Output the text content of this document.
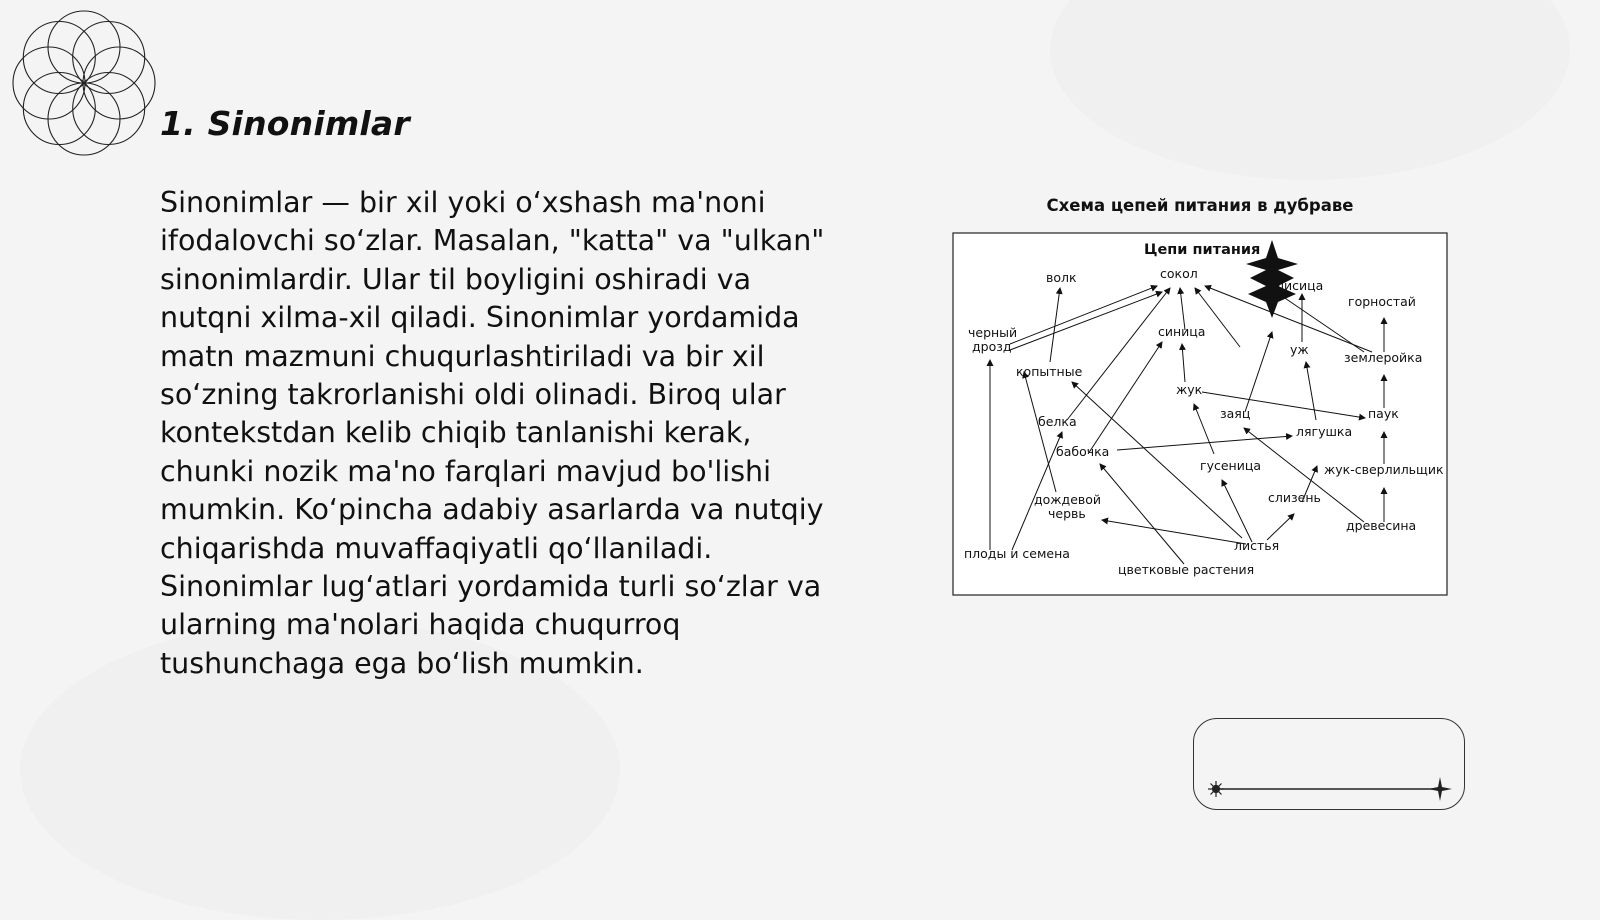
1. Sinonimlar

Sinonimlar — bir xil yoki o‘xshash ma'noni ifodalovchi so‘zlar. Masalan, "katta" va "ulkan" sinonimlardir. Ular til boyligini oshiradi va nutqni xilma-xil qiladi. Sinonimlar yordamida matn mazmuni chuqurlashtiriladi va bir xil so‘zning takrorlanishi oldi olinadi. Biroq ular kontekstdan kelib chiqib tanlanishi kerak, chunki nozik ma'no farqlari mavjud bo'lishi mumkin. Ko‘pincha adabiy asarlarda va nutqiy chiqarishda muvaffaqiyatli qo‘llaniladi. Sinonimlar lug‘atlari yordamida turli so‘zlar va ularning ma'nolari haqida chuqurroq tushunchaga ega bo‘lish mumkin.

Схема цепей питания в дубраве
Цепи питания
волк	сокол
лисица
горностай
черный
дрозд
синица
уж
землеройка
копытные
жук
белка
заяц	паук
бабочка
лягушка
гусеница	жук-сверлильщик
дождевой
червь
слизень
древесина
листья
плоды и семена
цветковые растения
